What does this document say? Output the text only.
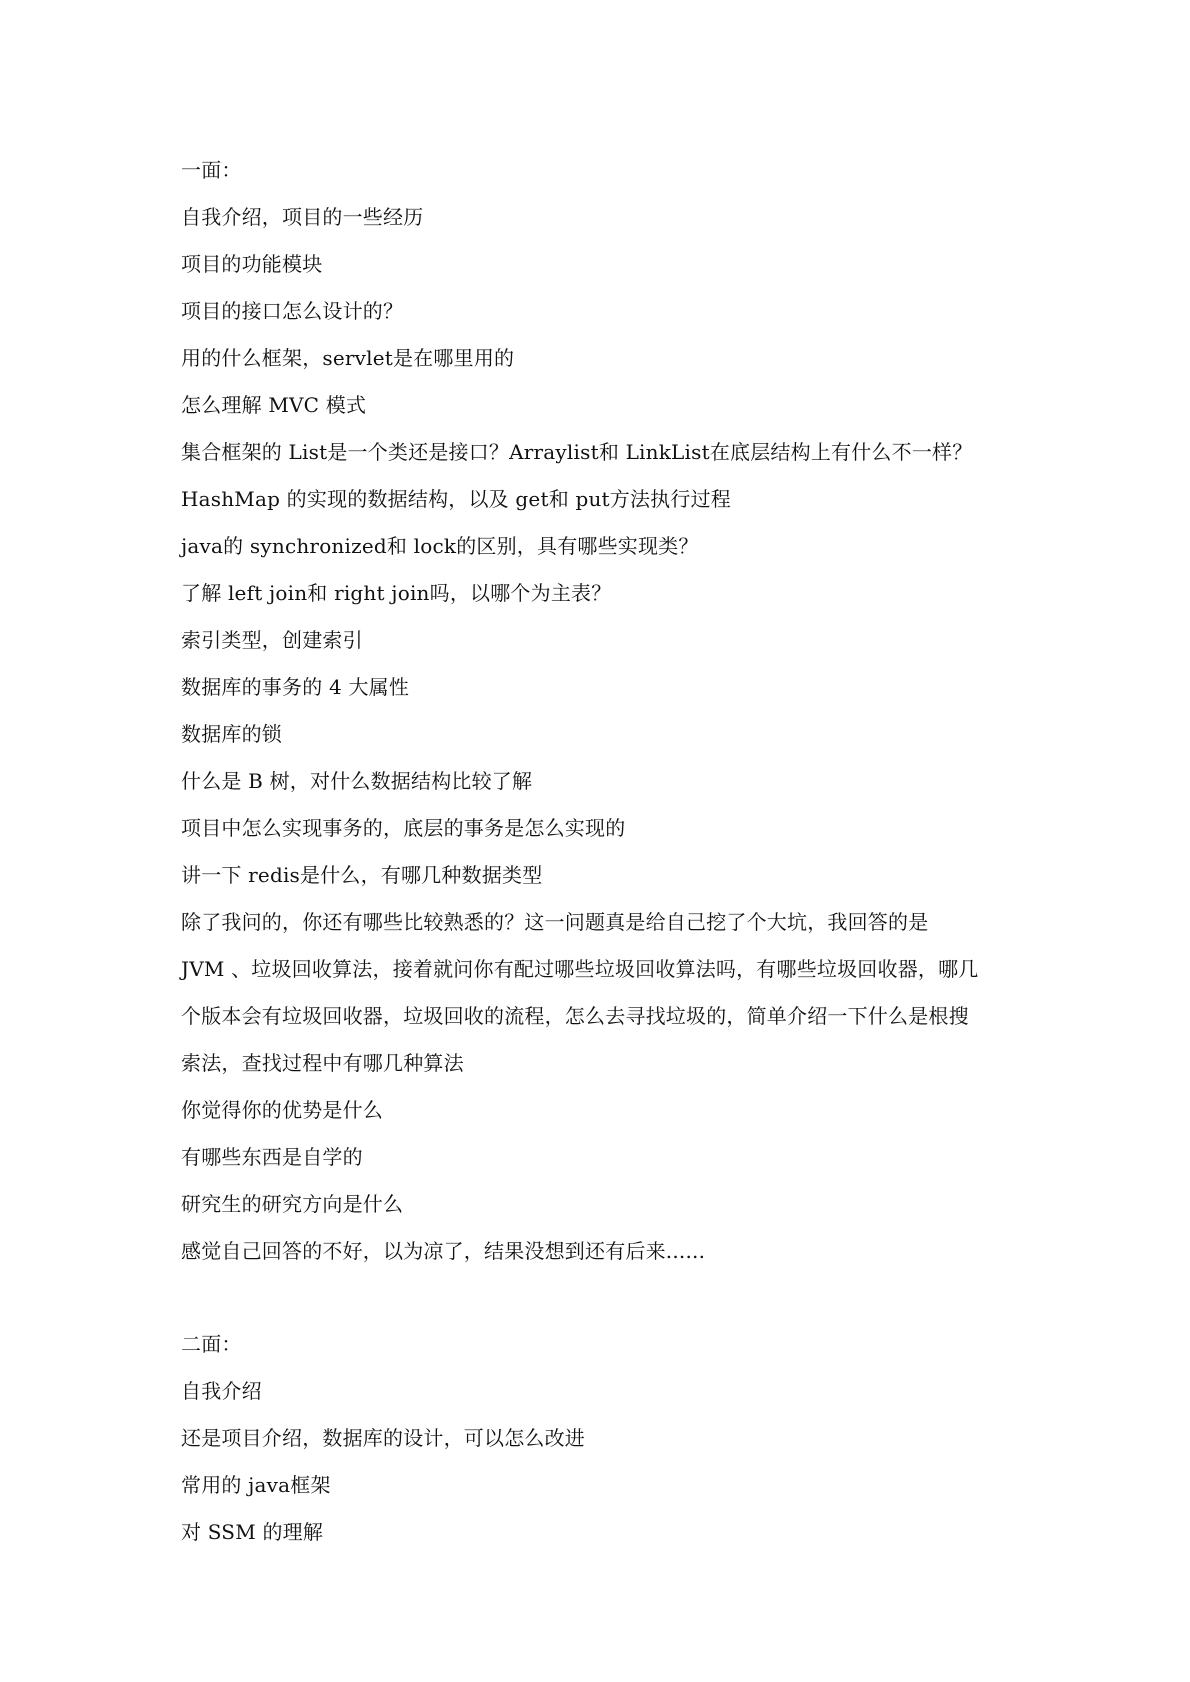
一面：
自我介绍，项目的一些经历
项目的功能模块
项目的接口怎么设计的？
用的什么框架，servlet是在哪里用的
怎么理解 MVC 模式
集合框架的 List是一个类还是接口？Arraylist和 LinkList在底层结构上有什么不一样？
HashMap 的实现的数据结构，以及 get和 put方法执行过程
java的 synchronized和 lock的区别，具有哪些实现类？
了解 left join和 right join吗，以哪个为主表？
索引类型，创建索引
数据库的事务的 4 大属性
数据库的锁
什么是 B 树，对什么数据结构比较了解
项目中怎么实现事务的，底层的事务是怎么实现的
讲一下 redis是什么，有哪几种数据类型
除了我问的，你还有哪些比较熟悉的？这一问题真是给自己挖了个大坑，我回答的是
JVM 、垃圾回收算法，接着就问你有配过哪些垃圾回收算法吗，有哪些垃圾回收器，哪几
个版本会有垃圾回收器，垃圾回收的流程，怎么去寻找垃圾的，简单介绍一下什么是根搜
索法，查找过程中有哪几种算法
你觉得你的优势是什么
有哪些东西是自学的
研究生的研究方向是什么
感觉自己回答的不好，以为凉了，结果没想到还有后来......
二面：
自我介绍
还是项目介绍，数据库的设计，可以怎么改进
常用的 java框架
对 SSM 的理解
